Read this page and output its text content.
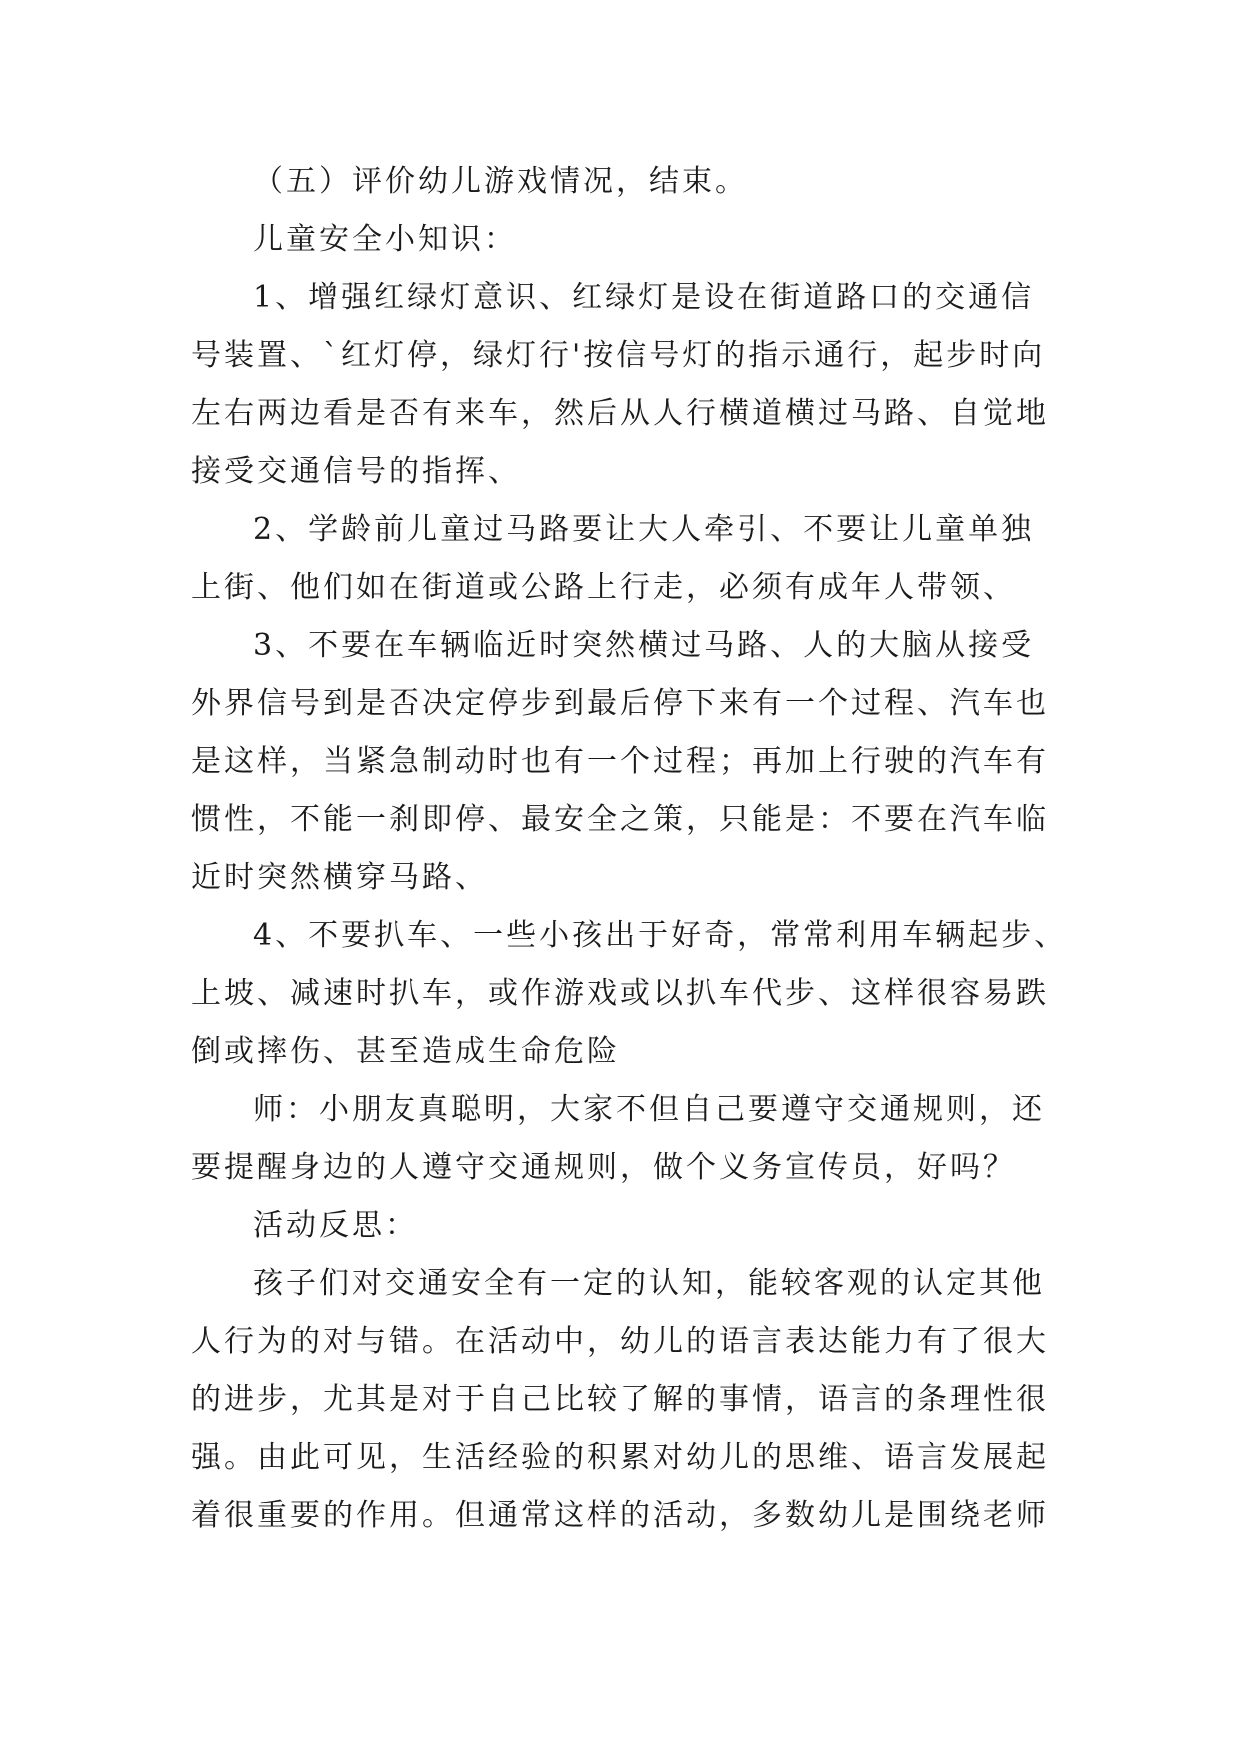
（五）评价幼儿游戏情况，结束。
儿童安全小知识：
1、增强红绿灯意识、红绿灯是设在街道路口的交通信
号装置、`红灯停，绿灯行'按信号灯的指示通行，起步时向
左右两边看是否有来车，然后从人行横道横过马路、自觉地
接受交通信号的指挥、
2、学龄前儿童过马路要让大人牵引、不要让儿童单独
上街、他们如在街道或公路上行走，必须有成年人带领、
3、不要在车辆临近时突然横过马路、人的大脑从接受
外界信号到是否决定停步到最后停下来有一个过程、汽车也
是这样，当紧急制动时也有一个过程；再加上行驶的汽车有
惯性，不能一刹即停、最安全之策，只能是：不要在汽车临
近时突然横穿马路、
4、不要扒车、一些小孩出于好奇，常常利用车辆起步、
上坡、减速时扒车，或作游戏或以扒车代步、这样很容易跌
倒或摔伤、甚至造成生命危险
师：小朋友真聪明，大家不但自己要遵守交通规则，还
要提醒身边的人遵守交通规则，做个义务宣传员，好吗？
活动反思：
孩子们对交通安全有一定的认知，能较客观的认定其他
人行为的对与错。在活动中，幼儿的语言表达能力有了很大
的进步，尤其是对于自己比较了解的事情，语言的条理性很
强。由此可见，生活经验的积累对幼儿的思维、语言发展起
着很重要的作用。但通常这样的活动，多数幼儿是围绕老师
